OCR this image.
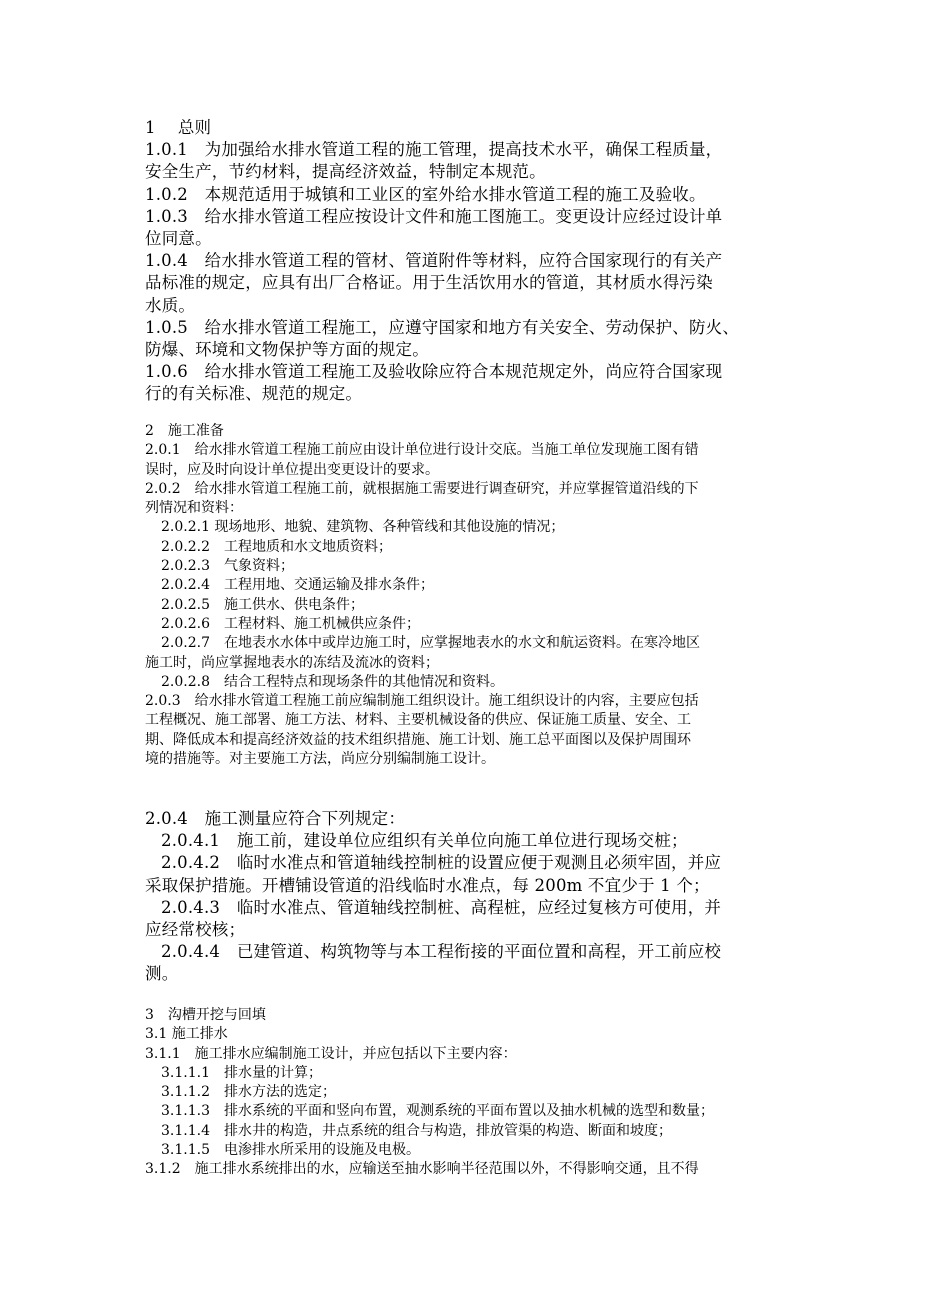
1　 总则
1.0.1　为加强给水排水管道工程的施工管理，提高技术水平，确保工程质量，
安全生产，节约材料，提高经济效益，特制定本规范。
1.0.2　本规范适用于城镇和工业区的室外给水排水管道工程的施工及验收。
1.0.3　给水排水管道工程应按设计文件和施工图施工。变更设计应经过设计单
位同意。
1.0.4　给水排水管道工程的管材、管道附件等材料，应符合国家现行的有关产
品标准的规定，应具有出厂合格证。用于生活饮用水的管道，其材质水得污染
水质。
1.0.5　给水排水管道工程施工，应遵守国家和地方有关安全、劳动保护、防火、
防爆、环境和文物保护等方面的规定。
1.0.6　给水排水管道工程施工及验收除应符合本规范规定外，尚应符合国家现
行的有关标准、规范的规定。
2　施工准备
2.0.1　给水排水管道工程施工前应由设计单位进行设计交底。当施工单位发现施工图有错
误时，应及时向设计单位提出变更设计的要求。
2.0.2　给水排水管道工程施工前，就根据施工需要进行调查研究，并应掌握管道沿线的下
列情况和资料：
2.0.2.1 现场地形、地貌、建筑物、各种管线和其他设施的情况；
2.0.2.2　工程地质和水文地质资料；
2.0.2.3　气象资料；
2.0.2.4　工程用地、交通运输及排水条件；
2.0.2.5　施工供水、供电条件；
2.0.2.6　工程材料、施工机械供应条件；
2.0.2.7　在地表水水体中或岸边施工时，应掌握地表水的水文和航运资料。在寒冷地区
施工时，尚应掌握地表水的冻结及流冰的资料；
2.0.2.8　结合工程特点和现场条件的其他情况和资料。
2.0.3　给水排水管道工程施工前应编制施工组织设计。施工组织设计的内容，主要应包括
工程概况、施工部署、施工方法、材料、主要机械设备的供应、保证施工质量、安全、工
期、降低成本和提高经济效益的技术组织措施、施工计划、施工总平面图以及保护周围环
境的措施等。对主要施工方法，尚应分别编制施工设计。
2.0.4　施工测量应符合下列规定：
2.0.4.1　施工前，建设单位应组织有关单位向施工单位进行现场交桩；
2.0.4.2　临时水准点和管道轴线控制桩的设置应便于观测且必须牢固，并应
采取保护措施。开槽铺设管道的沿线临时水准点，每 200m 不宜少于 1 个；
2.0.4.3　临时水准点、管道轴线控制桩、高程桩，应经过复核方可使用，并
应经常校核；
2.0.4.4　已建管道、构筑物等与本工程衔接的平面位置和高程，开工前应校
测。
3　沟槽开挖与回填
3.1 施工排水
3.1.1　施工排水应编制施工设计，并应包括以下主要内容：
3.1.1.1　排水量的计算；
3.1.1.2　排水方法的选定；
3.1.1.3　排水系统的平面和竖向布置，观测系统的平面布置以及抽水机械的选型和数量；
3.1.1.4　排水井的构造，井点系统的组合与构造，排放管渠的构造、断面和坡度；
3.1.1.5　电渗排水所采用的设施及电极。
3.1.2　施工排水系统排出的水，应输送至抽水影响半径范围以外，不得影响交通，且不得
